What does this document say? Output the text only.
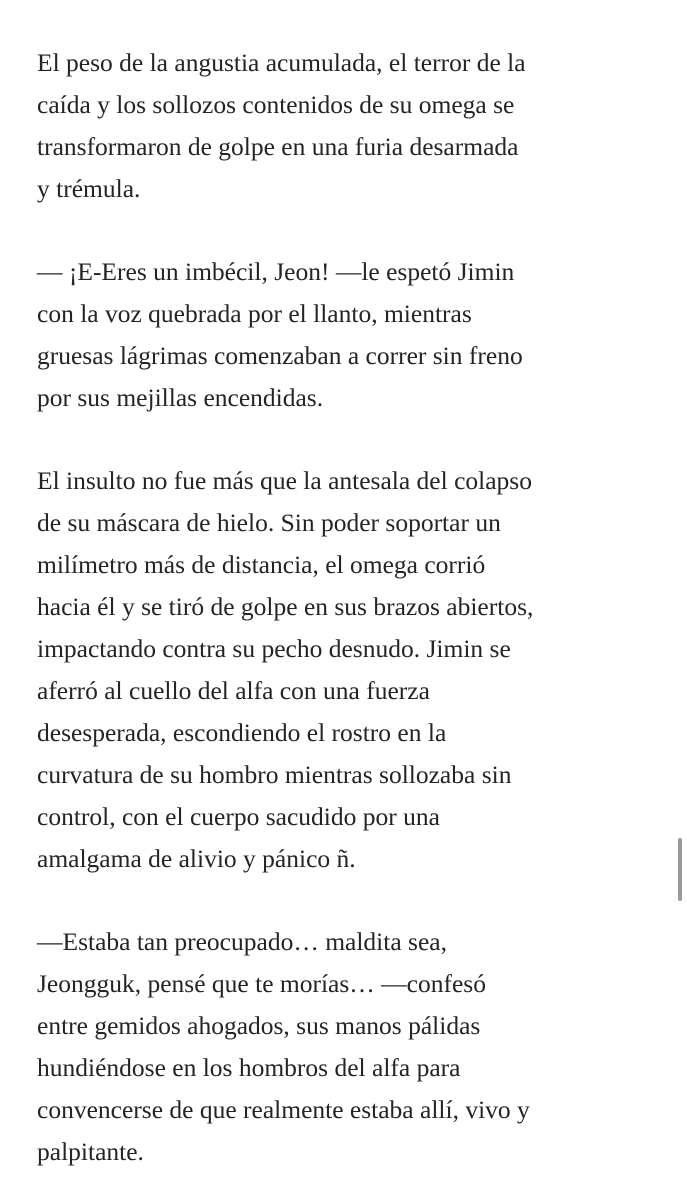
El peso de la angustia acumulada, el terror de la
caída y los sollozos contenidos de su omega se
transformaron de golpe en una furia desarmada
y trémula.

— ¡E-Eres un imbécil, Jeon! —le espetó Jimin
con la voz quebrada por el llanto, mientras
gruesas lágrimas comenzaban a correr sin freno
por sus mejillas encendidas.

El insulto no fue más que la antesala del colapso
de su máscara de hielo. Sin poder soportar un
milímetro más de distancia, el omega corrió
hacia él y se tiró de golpe en sus brazos abiertos,
impactando contra su pecho desnudo. Jimin se
aferró al cuello del alfa con una fuerza
desesperada, escondiendo el rostro en la
curvatura de su hombro mientras sollozaba sin
control, con el cuerpo sacudido por una
amalgama de alivio y pánico ñ.

—Estaba tan preocupado… maldita sea,
Jeongguk, pensé que te morías… —confesó
entre gemidos ahogados, sus manos pálidas
hundiéndose en los hombros del alfa para
convencerse de que realmente estaba allí, vivo y
palpitante.
